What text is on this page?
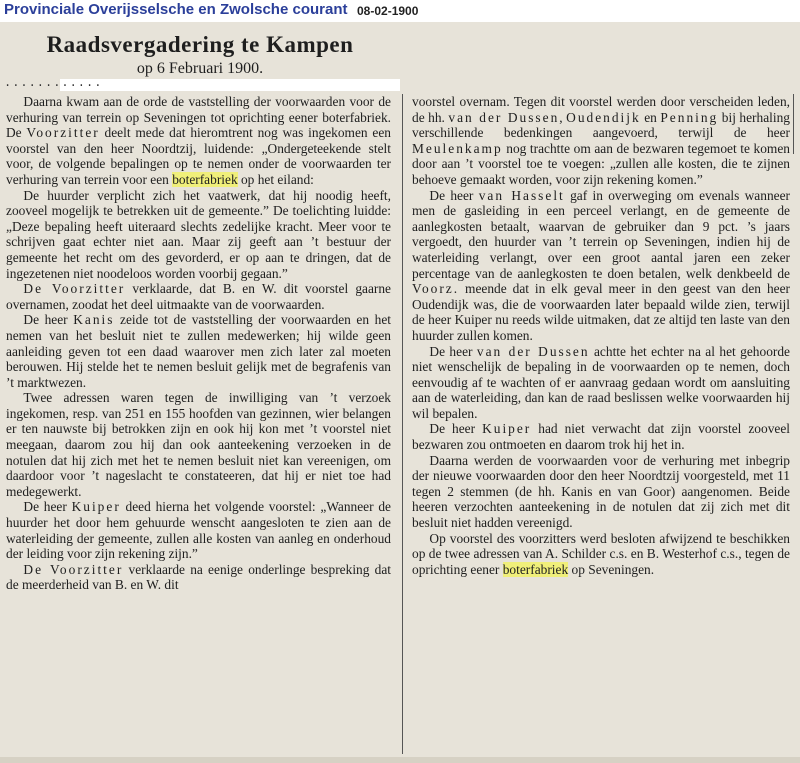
Provinciale Overijsselsche en Zwolsche courant 08-02-1900
Raadsvergadering te Kampen
op 6 Februari 1900.
............

Daarna kwam aan de orde de vaststelling der voorwaarden voor de verhuring van terrein op Seveningen tot oprichting eener boterfabriek. De Voorzitter deelt mede dat hieromtrent nog was ingekomen een voorstel van den heer Noordtzij, luidende: „Ondergeteekende stelt voor, de volgende bepalingen op te nemen onder de voorwaarden ter verhuring van terrein voor een boterfabriek op het eiland:

De huurder verplicht zich het vaatwerk, dat hij noodig heeft, zooveel mogelijk te betrekken uit de gemeente.” De toelichting luidde: „Deze bepaling heeft uiteraard slechts zedelijke kracht. Meer voor te schrijven gaat echter niet aan. Maar zij geeft aan ’t bestuur der gemeente het recht om des gevorderd, er op aan te dringen, dat de ingezetenen niet noodeloos worden voorbij gegaan.”

De Voorzitter verklaarde, dat B. en W. dit voorstel gaarne overnamen, zoodat het deel uitmaakte van de voorwaarden.

De heer Kanis zeide tot de vaststelling der voorwaarden en het nemen van het besluit niet te zullen medewerken; hij wilde geen aanleiding geven tot een daad waarover men zich later zal moeten berouwen. Hij stelde het te nemen besluit gelijk met de begrafenis van ’t marktwezen.

Twee adressen waren tegen de inwilliging van ’t verzoek ingekomen, resp. van 251 en 155 hoofden van gezinnen, wier belangen er ten nauwste bij betrokken zijn en ook hij kon met ’t voorstel niet meegaan, daarom zou hij dan ook aanteekening verzoeken in de notulen dat hij zich met het te nemen besluit niet kan vereenigen, om daardoor voor ’t nageslacht te constateeren, dat hij er niet toe had medegewerkt.

De heer Kuiper deed hierna het volgende voorstel: „Wanneer de huurder het door hem gehuurde wenscht aangesloten te zien aan de waterleiding der gemeente, zullen alle kosten van aanleg en onderhoud der leiding voor zijn rekening zijn.”

De Voorzitter verklaarde na eenige onderlinge bespreking dat de meerderheid van B. en W. dit

voorstel overnam. Tegen dit voorstel werden door verscheiden leden, de hh. van der Dussen, Oudendijk en Penning bij herhaling verschillende bedenkingen aangevoerd, terwijl de heer Meulenkamp nog trachtte om aan de bezwaren tegemoet te komen door aan ’t voorstel toe te voegen: „zullen alle kosten, die te zijnen behoeve gemaakt worden, voor zijn rekening komen.”

De heer van Hasselt gaf in overweging om evenals wanneer men de gasleiding in een perceel verlangt, en de gemeente de aanlegkosten betaalt, waarvan de gebruiker dan 9 pct. ’s jaars vergoedt, den huurder van ’t terrein op Seveningen, indien hij de waterleiding verlangt, over een groot aantal jaren een zeker percentage van de aanlegkosten te doen betalen, welk denkbeeld de Voorz. meende dat in elk geval meer in den geest van den heer Oudendijk was, die de voorwaarden later bepaald wilde zien, terwijl de heer Kuiper nu reeds wilde uitmaken, dat ze altijd ten laste van den huurder zullen komen.

De heer van der Dussen achtte het echter na al het gehoorde niet wenschelijk de bepaling in de voorwaarden op te nemen, doch eenvoudig af te wachten of er aanvraag gedaan wordt om aansluiting aan de waterleiding, dan kan de raad beslissen welke voorwaarden hij wil bepalen.

De heer Kuiper had niet verwacht dat zijn voorstel zooveel bezwaren zou ontmoeten en daarom trok hij het in.

Daarna werden de voorwaarden voor de verhuring met inbegrip der nieuwe voorwaarden door den heer Noordtzij voorgesteld, met 11 tegen 2 stemmen (de hh. Kanis en van Goor) aangenomen. Beide heeren verzochten aanteekening in de notulen dat zij zich met dit besluit niet hadden vereenigd.

Op voorstel des voorzitters werd besloten afwijzend te beschikken op de twee adressen van A. Schilder c.s. en B. Westerhof c.s., tegen de oprichting eener boterfabriek op Seveningen.
